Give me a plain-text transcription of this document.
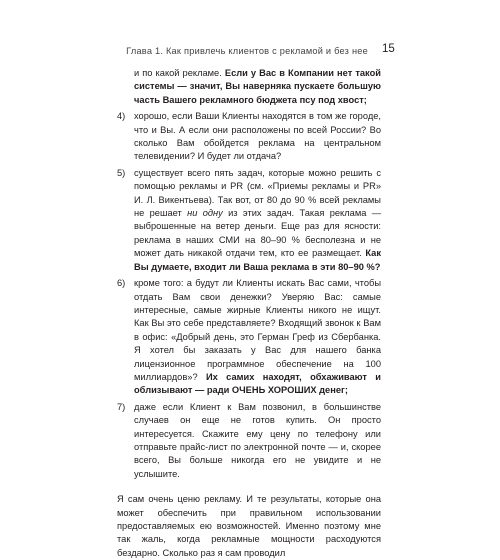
Глава 1. Как привлечь клиентов с рекламой и без нее 15

и по какой рекламе. Если у Вас в Компании нет такой системы — значит, Вы наверняка пускаете большую часть Вашего рекламного бюджета псу под хвост;

4) хорошо, если Ваши Клиенты находятся в том же городе, что и Вы. А если они расположены по всей России? Во сколько Вам обойдется реклама на центральном телевидении? И будет ли отдача?
5) существует всего пять задач, которые можно решить с помощью рекламы и PR (см. «Приемы рекламы и PR» И. Л. Викентьева). Так вот, от 80 до 90 % всей рекламы не решает ни одну из этих задач. Такая реклама — выброшенные на ветер деньги. Еще раз для ясности: реклама в наших СМИ на 80–90 % бесполезна и не может дать никакой отдачи тем, кто ее размещает. Как Вы думаете, входит ли Ваша реклама в эти 80–90 %?
6) кроме того: а будут ли Клиенты искать Вас сами, чтобы отдать Вам свои денежки? Уверяю Вас: самые интересные, самые жирные Клиенты никого не ищут. Как Вы это себе представляете? Входящий звонок к Вам в офис: «Добрый день, это Герман Греф из Сбербанка. Я хотел бы заказать у Вас для нашего банка лицензионное программное обеспечение на 100 миллиардов»? Их самих находят, обхаживают и облизывают — ради ОЧЕНЬ ХОРОШИХ денег;
7) даже если Клиент к Вам позвонил, в большинстве случаев он еще не готов купить. Он просто интересуется. Скажите ему цену по телефону или отправьте прайс-лист по электронной почте — и, скорее всего, Вы больше никогда его не увидите и не услышите.

Я сам очень ценю рекламу. И те результаты, которые она может обеспечить при правильном использовании предоставляемых ею возможностей. Именно поэтому мне так жаль, когда рекламные мощности расходуются бездарно. Сколько раз я сам проводил
